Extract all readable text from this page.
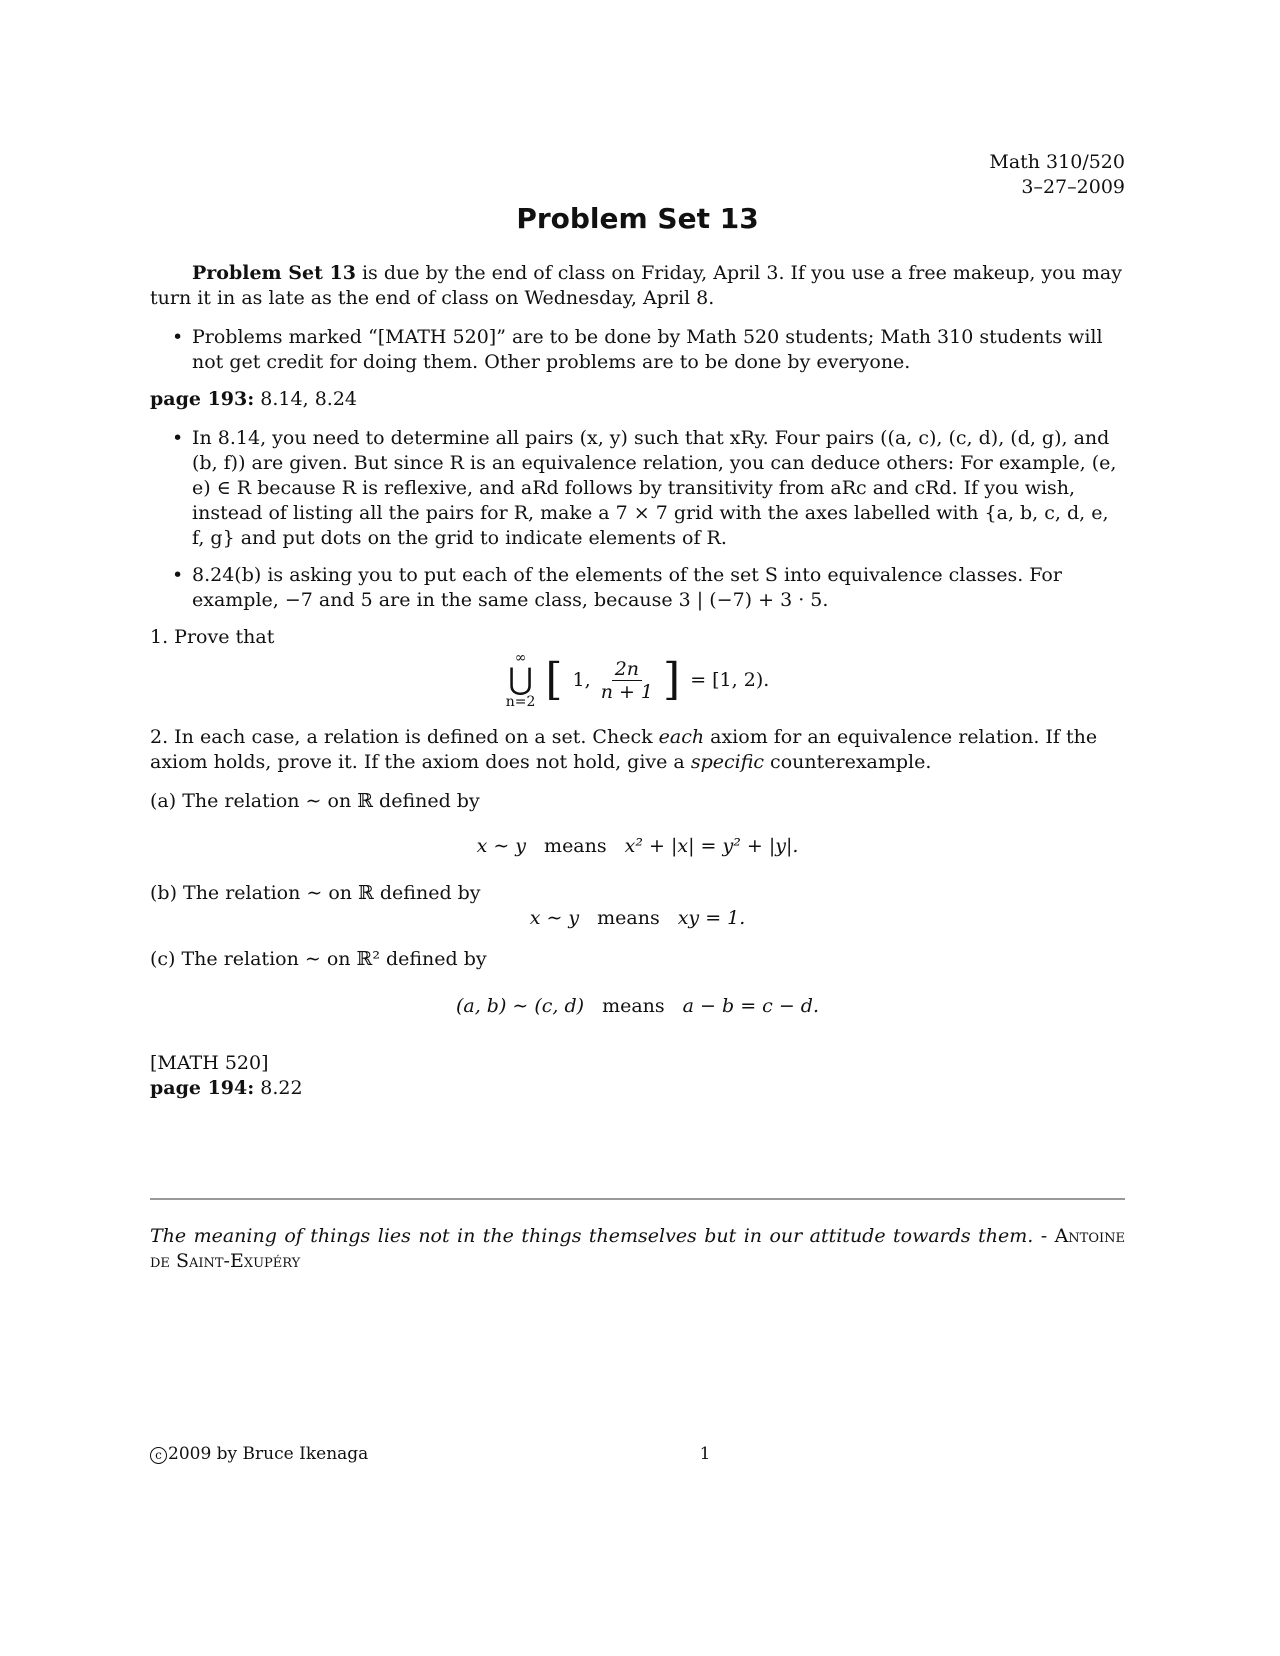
Math 310/520
3–27–2009
Problem Set 13

Problem Set 13 is due by the end of class on Friday, April 3. If you use a free makeup, you may turn it in as late as the end of class on Wednesday, April 8.

• Problems marked “[MATH 520]” are to be done by Math 520 students; Math 310 students will not get credit for doing them. Other problems are to be done by everyone.

page 193: 8.14, 8.24

• In 8.14, you need to determine all pairs (x, y) such that xRy. Four pairs ((a, c), (c, d), (d, g), and (b, f)) are given. But since R is an equivalence relation, you can deduce others: For example, (e, e) ∈ R because R is reflexive, and aRd follows by transitivity from aRc and cRd. If you wish, instead of listing all the pairs for R, make a 7 × 7 grid with the axes labelled with {a, b, c, d, e, f, g} and put dots on the grid to indicate elements of R.
• 8.24(b) is asking you to put each of the elements of the set S into equivalence classes. For example, −7 and 5 are in the same class, because 3 | (−7) + 3 · 5.

1. Prove that

∞
⋃
n=2 [ 1, $\frac{2n}{n + 1}$ ] = [1, 2).

2. In each case, a relation is defined on a set. Check each axiom for an equivalence relation. If the axiom holds, prove it. If the axiom does not hold, give a specific counterexample.

(a) The relation ∼ on ℝ defined by

x ∼ y means x² + |x| = y² + |y|.

(b) The relation ∼ on ℝ defined by

x ∼ y means xy = 1.

(c) The relation ∼ on ℝ² defined by

(a, b) ∼ (c, d) means a − b = c − d.

[MATH 520]

page 194: 8.22

The meaning of things lies not in the things themselves but in our attitude towards them. - Antoine de Saint-Exupéry

c 2009 by Bruce Ikenaga	1
